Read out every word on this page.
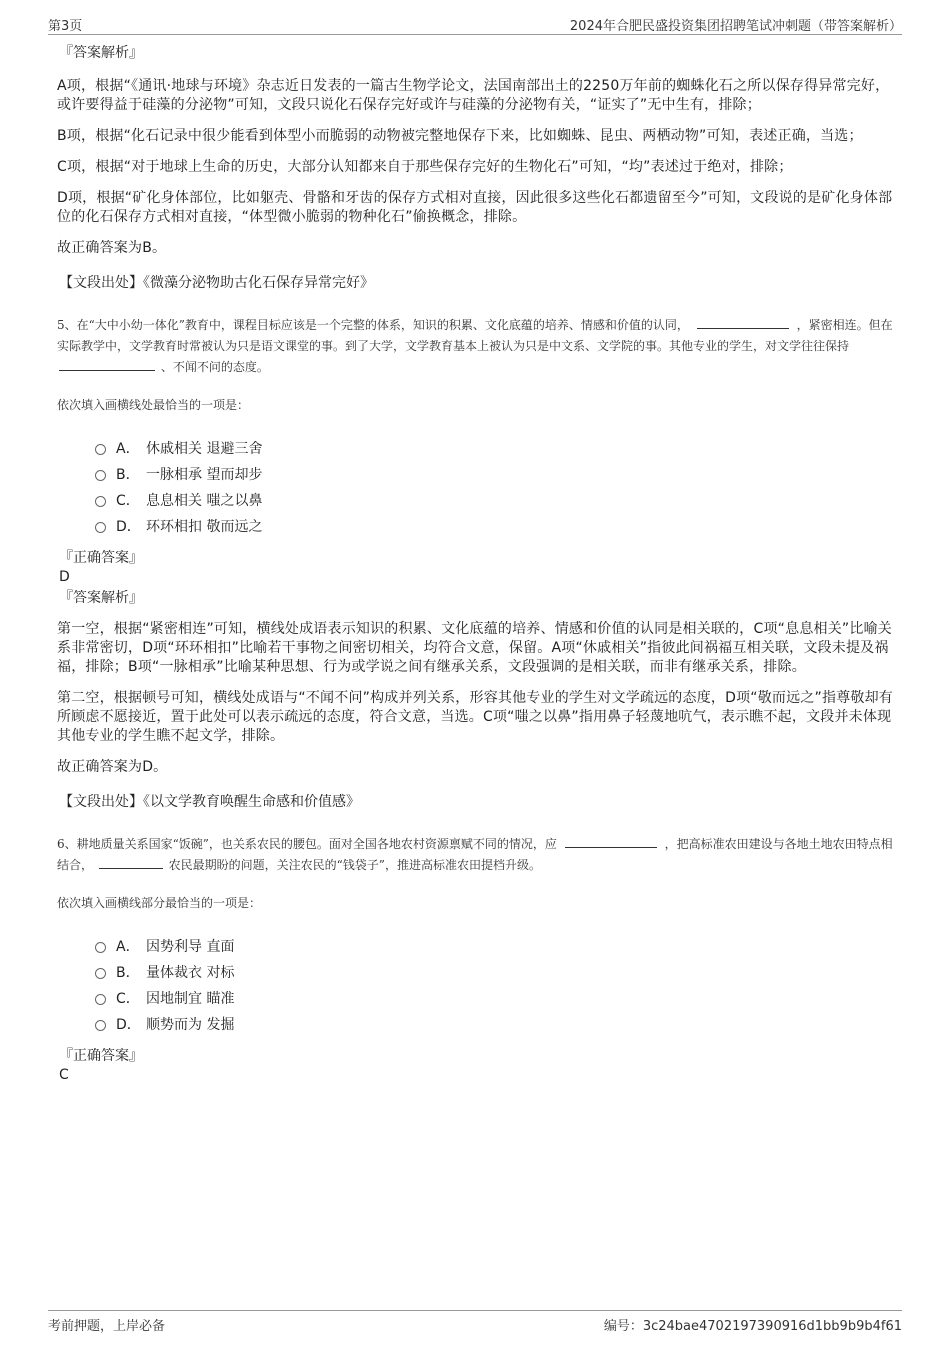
第3页	2024年合肥民盛投资集团招聘笔试冲刺题（带答案解析）
『答案解析』

A项，根据“《通讯·地球与环境》杂志近日发表的一篇古生物学论文，法国南部出土的2250万年前的蜘蛛化石之所以保存得异常完好，或许要得益于硅藻的分泌物”可知，文段只说化石保存完好或许与硅藻的分泌物有关，“证实了”无中生有，排除；

B项，根据“化石记录中很少能看到体型小而脆弱的动物被完整地保存下来，比如蜘蛛、昆虫、两栖动物”可知，表述正确，当选；

C项，根据“对于地球上生命的历史，大部分认知都来自于那些保存完好的生物化石”可知，“均”表述过于绝对，排除；

D项，根据“矿化身体部位，比如躯壳、骨骼和牙齿的保存方式相对直接，因此很多这些化石都遗留至今”可知，文段说的是矿化身体部位的化石保存方式相对直接，“体型微小脆弱的物种化石”偷换概念，排除。

故正确答案为B。

【文段出处】《微藻分泌物助古化石保存异常完好》

5、在“大中小幼一体化”教育中，课程目标应该是一个完整的体系，知识的积累、文化底蕴的培养、情感和价值的认同，	，紧密相连。但在实际教学中，文学教育时常被认为只是语文课堂的事。到了大学，文学教育基本上被认为只是中文系、文学院的事。其他专业的学生，对文学往往保持  、不闻不问的态度。

依次填入画横线处最恰当的一项是：

A． 休戚相关 退避三舍
B． 一脉相承 望而却步
C． 息息相关 嗤之以鼻
D． 环环相扣 敬而远之
『正确答案』
D
『答案解析』

第一空，根据“紧密相连”可知，横线处成语表示知识的积累、文化底蕴的培养、情感和价值的认同是相关联的，C项“息息相关”比喻关系非常密切，D项“环环相扣”比喻若干事物之间密切相关，均符合文意，保留。A项“休戚相关”指彼此间祸福互相关联，文段未提及祸福，排除；B项“一脉相承”比喻某种思想、行为或学说之间有继承关系，文段强调的是相关联，而非有继承关系，排除。

第二空，根据顿号可知，横线处成语与“不闻不问”构成并列关系，形容其他专业的学生对文学疏远的态度，D项“敬而远之”指尊敬却有所顾虑不愿接近，置于此处可以表示疏远的态度，符合文意，当选。C项“嗤之以鼻”指用鼻子轻蔑地吭气，表示瞧不起，文段并未体现其他专业的学生瞧不起文学，排除。

故正确答案为D。

【文段出处】《以文学教育唤醒生命感和价值感》

6、耕地质量关系国家“饭碗”，也关系农民的腰包。面对全国各地农村资源禀赋不同的情况，应	，把高标准农田建设与各地土地农田特点相结合，	农民最期盼的问题，关注农民的“钱袋子”，推进高标准农田提档升级。

依次填入画横线部分最恰当的一项是：

A． 因势利导 直面
B． 量体裁衣 对标
C． 因地制宜 瞄准
D． 顺势而为 发掘
『正确答案』
C
考前押题，上岸必备	编号：3c24bae4702197390916d1bb9b9b4f61
